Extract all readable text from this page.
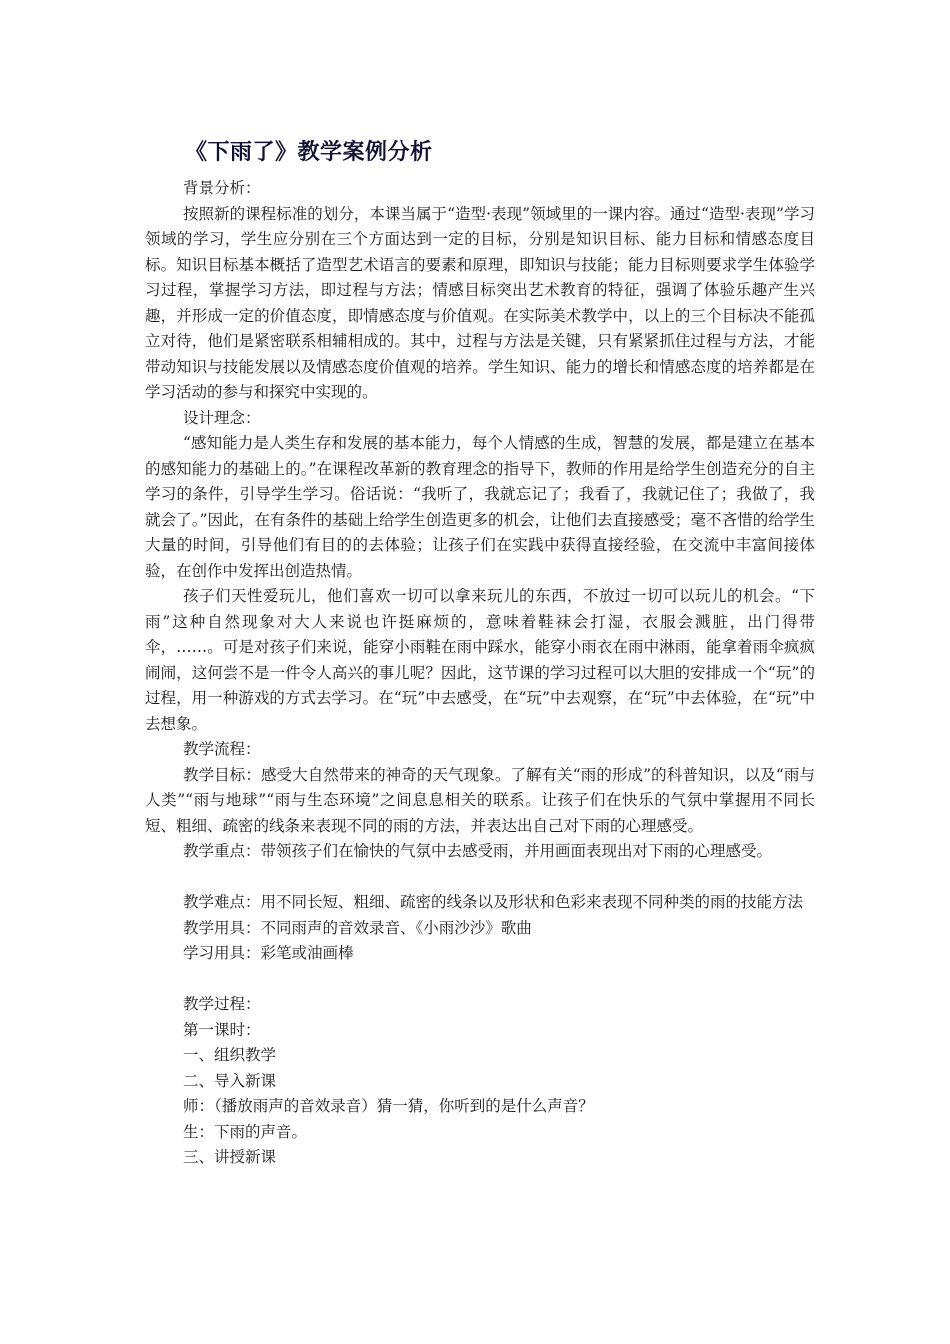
《下雨了》教学案例分析

背景分析：

按照新的课程标准的划分，本课当属于“造型·表现”领域里的一课内容。通过“造型·表现”学习领域的学习，学生应分别在三个方面达到一定的目标，分别是知识目标、能力目标和情感态度目标。知识目标基本概括了造型艺术语言的要素和原理，即知识与技能；能力目标则要求学生体验学习过程，掌握学习方法，即过程与方法；情感目标突出艺术教育的特征，强调了体验乐趣产生兴趣，并形成一定的价值态度，即情感态度与价值观。在实际美术教学中，以上的三个目标决不能孤立对待，他们是紧密联系相辅相成的。其中，过程与方法是关键，只有紧紧抓住过程与方法，才能带动知识与技能发展以及情感态度价值观的培养。学生知识、能力的增长和情感态度的培养都是在学习活动的参与和探究中实现的。

设计理念：

“感知能力是人类生存和发展的基本能力，每个人情感的生成，智慧的发展，都是建立在基本的感知能力的基础上的。”在课程改革新的教育理念的指导下，教师的作用是给学生创造充分的自主学习的条件，引导学生学习。俗话说：“我听了，我就忘记了；我看了，我就记住了；我做了，我就会了。”因此，在有条件的基础上给学生创造更多的机会，让他们去直接感受；毫不吝惜的给学生大量的时间，引导他们有目的的去体验；让孩子们在实践中获得直接经验，在交流中丰富间接体验，在创作中发挥出创造热情。

孩子们天性爱玩儿，他们喜欢一切可以拿来玩儿的东西，不放过一切可以玩儿的机会。“下雨”这种自然现象对大人来说也许挺麻烦的，意味着鞋袜会打湿，衣服会溅脏，出门得带伞，……。可是对孩子们来说，能穿小雨鞋在雨中踩水，能穿小雨衣在雨中淋雨，能拿着雨伞疯疯闹闹，这何尝不是一件令人高兴的事儿呢？因此，这节课的学习过程可以大胆的安排成一个“玩”的过程，用一种游戏的方式去学习。在“玩”中去感受，在“玩”中去观察，在“玩”中去体验，在“玩”中去想象。

教学流程：

教学目标：感受大自然带来的神奇的天气现象。了解有关“雨的形成”的科普知识，以及“雨与人类”“雨与地球”“雨与生态环境”之间息息相关的联系。让孩子们在快乐的气氛中掌握用不同长短、粗细、疏密的线条来表现不同的雨的方法，并表达出自己对下雨的心理感受。

教学重点：带领孩子们在愉快的气氛中去感受雨，并用画面表现出对下雨的心理感受。

教学难点：用不同长短、粗细、疏密的线条以及形状和色彩来表现不同种类的雨的技能方法

教学用具：不同雨声的音效录音、《小雨沙沙》歌曲

学习用具：彩笔或油画棒

教学过程：

第一课时：

一、组织教学

二、导入新课

师：（播放雨声的音效录音）猜一猜，你听到的是什么声音？

生：下雨的声音。

三、讲授新课
